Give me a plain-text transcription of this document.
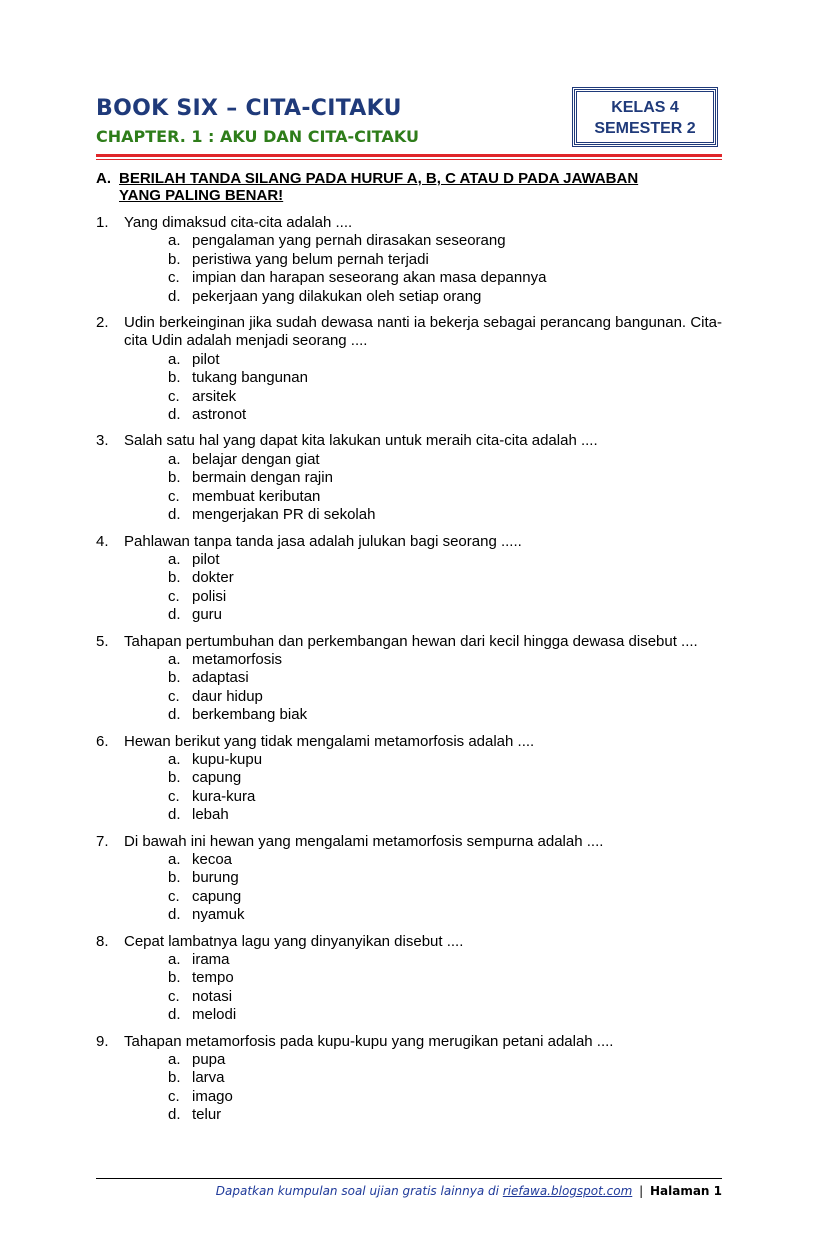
BOOK SIX – CITA-CITAKU
CHAPTER. 1 : AKU DAN CITA-CITAKU
KELAS 4
SEMESTER 2
A. BERILAH TANDA SILANG PADA HURUF A, B, C ATAU D PADA JAWABAN
YANG PALING BENAR!
1.	Yang dimaksud cita-cita adalah ....
a. pengalaman yang pernah dirasakan seseorang
b. peristiwa yang belum pernah terjadi
c. impian dan harapan seseorang akan masa depannya
d. pekerjaan yang dilakukan oleh setiap orang
2.	Udin berkeinginan jika sudah dewasa nanti ia bekerja sebagai perancang bangunan. Cita-cita Udin adalah menjadi seorang ....
a. pilot
b. tukang bangunan
c. arsitek
d. astronot
3.	Salah satu hal yang dapat kita lakukan untuk meraih cita-cita adalah ....
a. belajar dengan giat
b. bermain dengan rajin
c. membuat keributan
d. mengerjakan PR di sekolah
4.	Pahlawan tanpa tanda jasa adalah julukan bagi seorang .....
a. pilot
b. dokter
c. polisi
d. guru
5.	Tahapan pertumbuhan dan perkembangan hewan dari kecil hingga dewasa disebut ....
a. metamorfosis
b. adaptasi
c. daur hidup
d. berkembang biak
6.	Hewan berikut yang tidak mengalami metamorfosis adalah ....
a. kupu-kupu
b. capung
c. kura-kura
d. lebah
7.	Di bawah ini hewan yang mengalami metamorfosis sempurna adalah ....
a. kecoa
b. burung
c. capung
d. nyamuk
8.	Cepat lambatnya lagu yang dinyanyikan disebut ....
a. irama
b. tempo
c. notasi
d. melodi
9.	Tahapan metamorfosis pada kupu-kupu yang merugikan petani adalah ....
a. pupa
b. larva
c. imago
d. telur
Dapatkan kumpulan soal ujian gratis lainnya di riefawa.blogspot.com | Halaman 1
